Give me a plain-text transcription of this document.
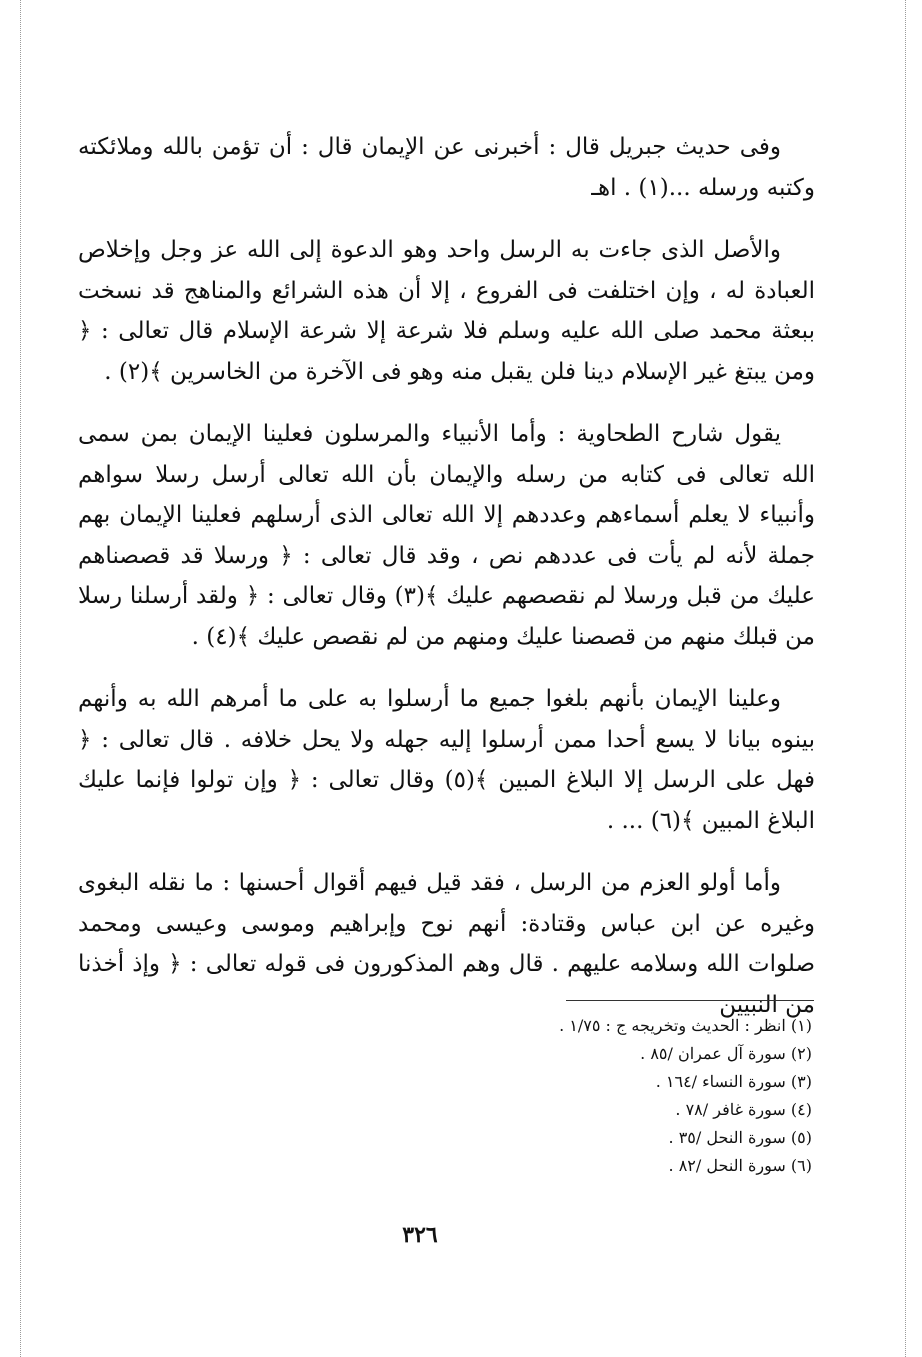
وفى حديث جبريل قال : أخبرنى عن الإيمان قال : أن تؤمن بالله وملائكته وكتبه ورسله ...(١) . اهـ

والأصل الذى جاءت به الرسل واحد وهو الدعوة إلى الله عز وجل وإخلاص العبادة له ، وإن اختلفت فى الفروع ، إلا أن هذه الشرائع والمناهج قد نسخت ببعثة محمد صلى الله عليه وسلم فلا شرعة إلا شرعة الإسلام قال تعالى : ﴿ ومن يبتغ غير الإسلام دينا فلن يقبل منه وهو فى الآخرة من الخاسرين ﴾(٢) .

يقول شارح الطحاوية : وأما الأنبياء والمرسلون فعلينا الإيمان بمن سمى الله تعالى فى كتابه من رسله والإيمان بأن الله تعالى أرسل رسلا سواهم وأنبياء لا يعلم أسماءهم وعددهم إلا الله تعالى الذى أرسلهم فعلينا الإيمان بهم جملة لأنه لم يأت فى عددهم نص ، وقد قال تعالى : ﴿ ورسلا قد قصصناهم عليك من قبل ورسلا لم نقصصهم عليك ﴾(٣) وقال تعالى : ﴿ ولقد أرسلنا رسلا من قبلك منهم من قصصنا عليك ومنهم من لم نقصص عليك ﴾(٤) .

وعلينا الإيمان بأنهم بلغوا جميع ما أرسلوا به على ما أمرهم الله به وأنهم بينوه بيانا لا يسع أحدا ممن أرسلوا إليه جهله ولا يحل خلافه . قال تعالى : ﴿ فهل على الرسل إلا البلاغ المبين ﴾(٥) وقال تعالى : ﴿ وإن تولوا فإنما عليك البلاغ المبين ﴾(٦) ... .

وأما أولو العزم من الرسل ، فقد قيل فيهم أقوال أحسنها : ما نقله البغوى وغيره عن ابن عباس وقتادة: أنهم نوح وإبراهيم وموسى وعيسى ومحمد صلوات الله وسلامه عليهم . قال وهم المذكورون فى قوله تعالى : ﴿ وإذ أخذنا من النبيين

(١) انظر : الحديث وتخريجه ج : ١/٧٥ .
(٢) سورة آل عمران /٨٥ .
(٣) سورة النساء /١٦٤ .
(٤) سورة غافر /٧٨ .
(٥) سورة النحل /٣٥ .
(٦) سورة النحل /٨٢ .
٣٢٦
